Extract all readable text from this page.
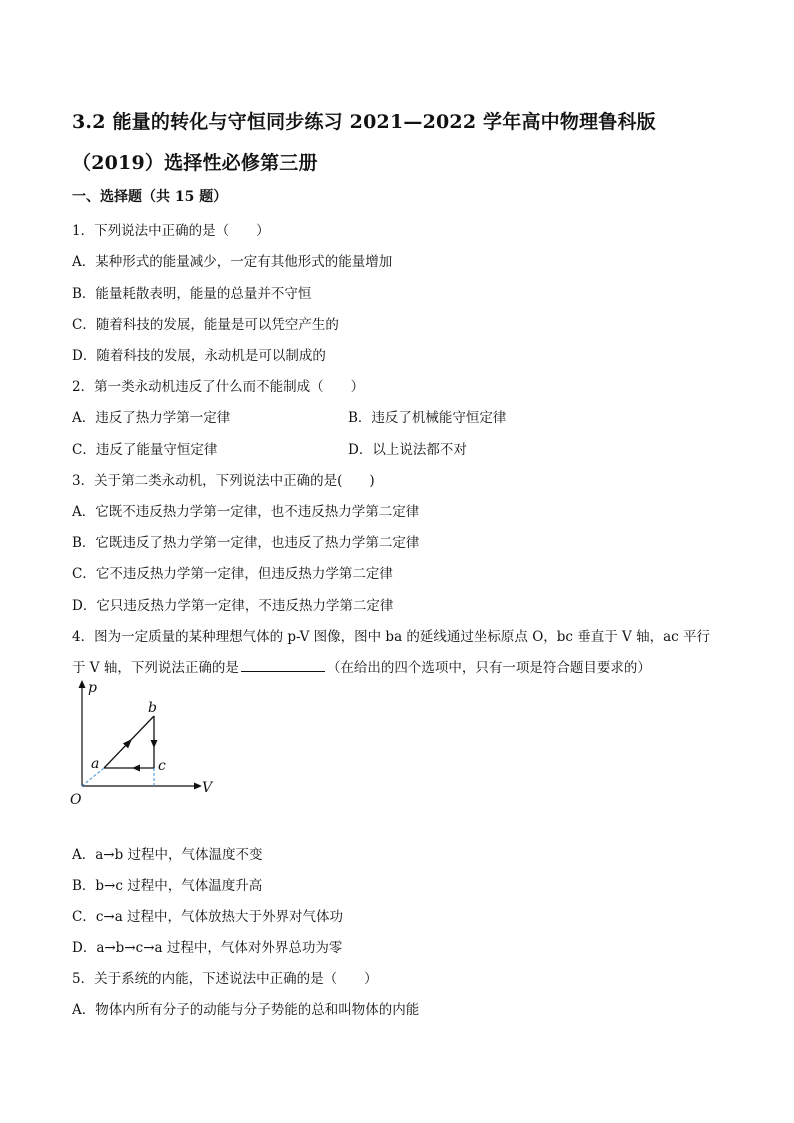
3.2 能量的转化与守恒同步练习 2021—2022 学年高中物理鲁科版
（2019）选择性必修第三册
一、选择题（共 15 题）
1．下列说法中正确的是（　　）
A．某种形式的能量减少，一定有其他形式的能量增加
B．能量耗散表明，能量的总量并不守恒
C．随着科技的发展，能量是可以凭空产生的
D．随着科技的发展，永动机是可以制成的
2．第一类永动机违反了什么而不能制成（　　）
A．违反了热力学第一定律	B．违反了机械能守恒定律
C．违反了能量守恒定律	D．以上说法都不对
3．关于第二类永动机，下列说法中正确的是(　　)
A．它既不违反热力学第一定律，也不违反热力学第二定律
B．它既违反了热力学第一定律，也违反了热力学第二定律
C．它不违反热力学第一定律，但违反热力学第二定律
D．它只违反热力学第一定律，不违反热力学第二定律
4．图为一定质量的某种理想气体的 p-V 图像，图中 ba 的延线通过坐标原点 O，bc 垂直于 V 轴，ac 平行
于 V 轴，下列说法正确的是	（在给出的四个选项中，只有一项是符合题目要求的）
p
V
O
a
b
c
A．a→b 过程中，气体温度不变
B．b→c 过程中，气体温度升高
C．c→a 过程中，气体放热大于外界对气体功
D．a→b→c→a 过程中，气体对外界总功为零
5．关于系统的内能，下述说法中正确的是（　　）
A．物体内所有分子的动能与分子势能的总和叫物体的内能
